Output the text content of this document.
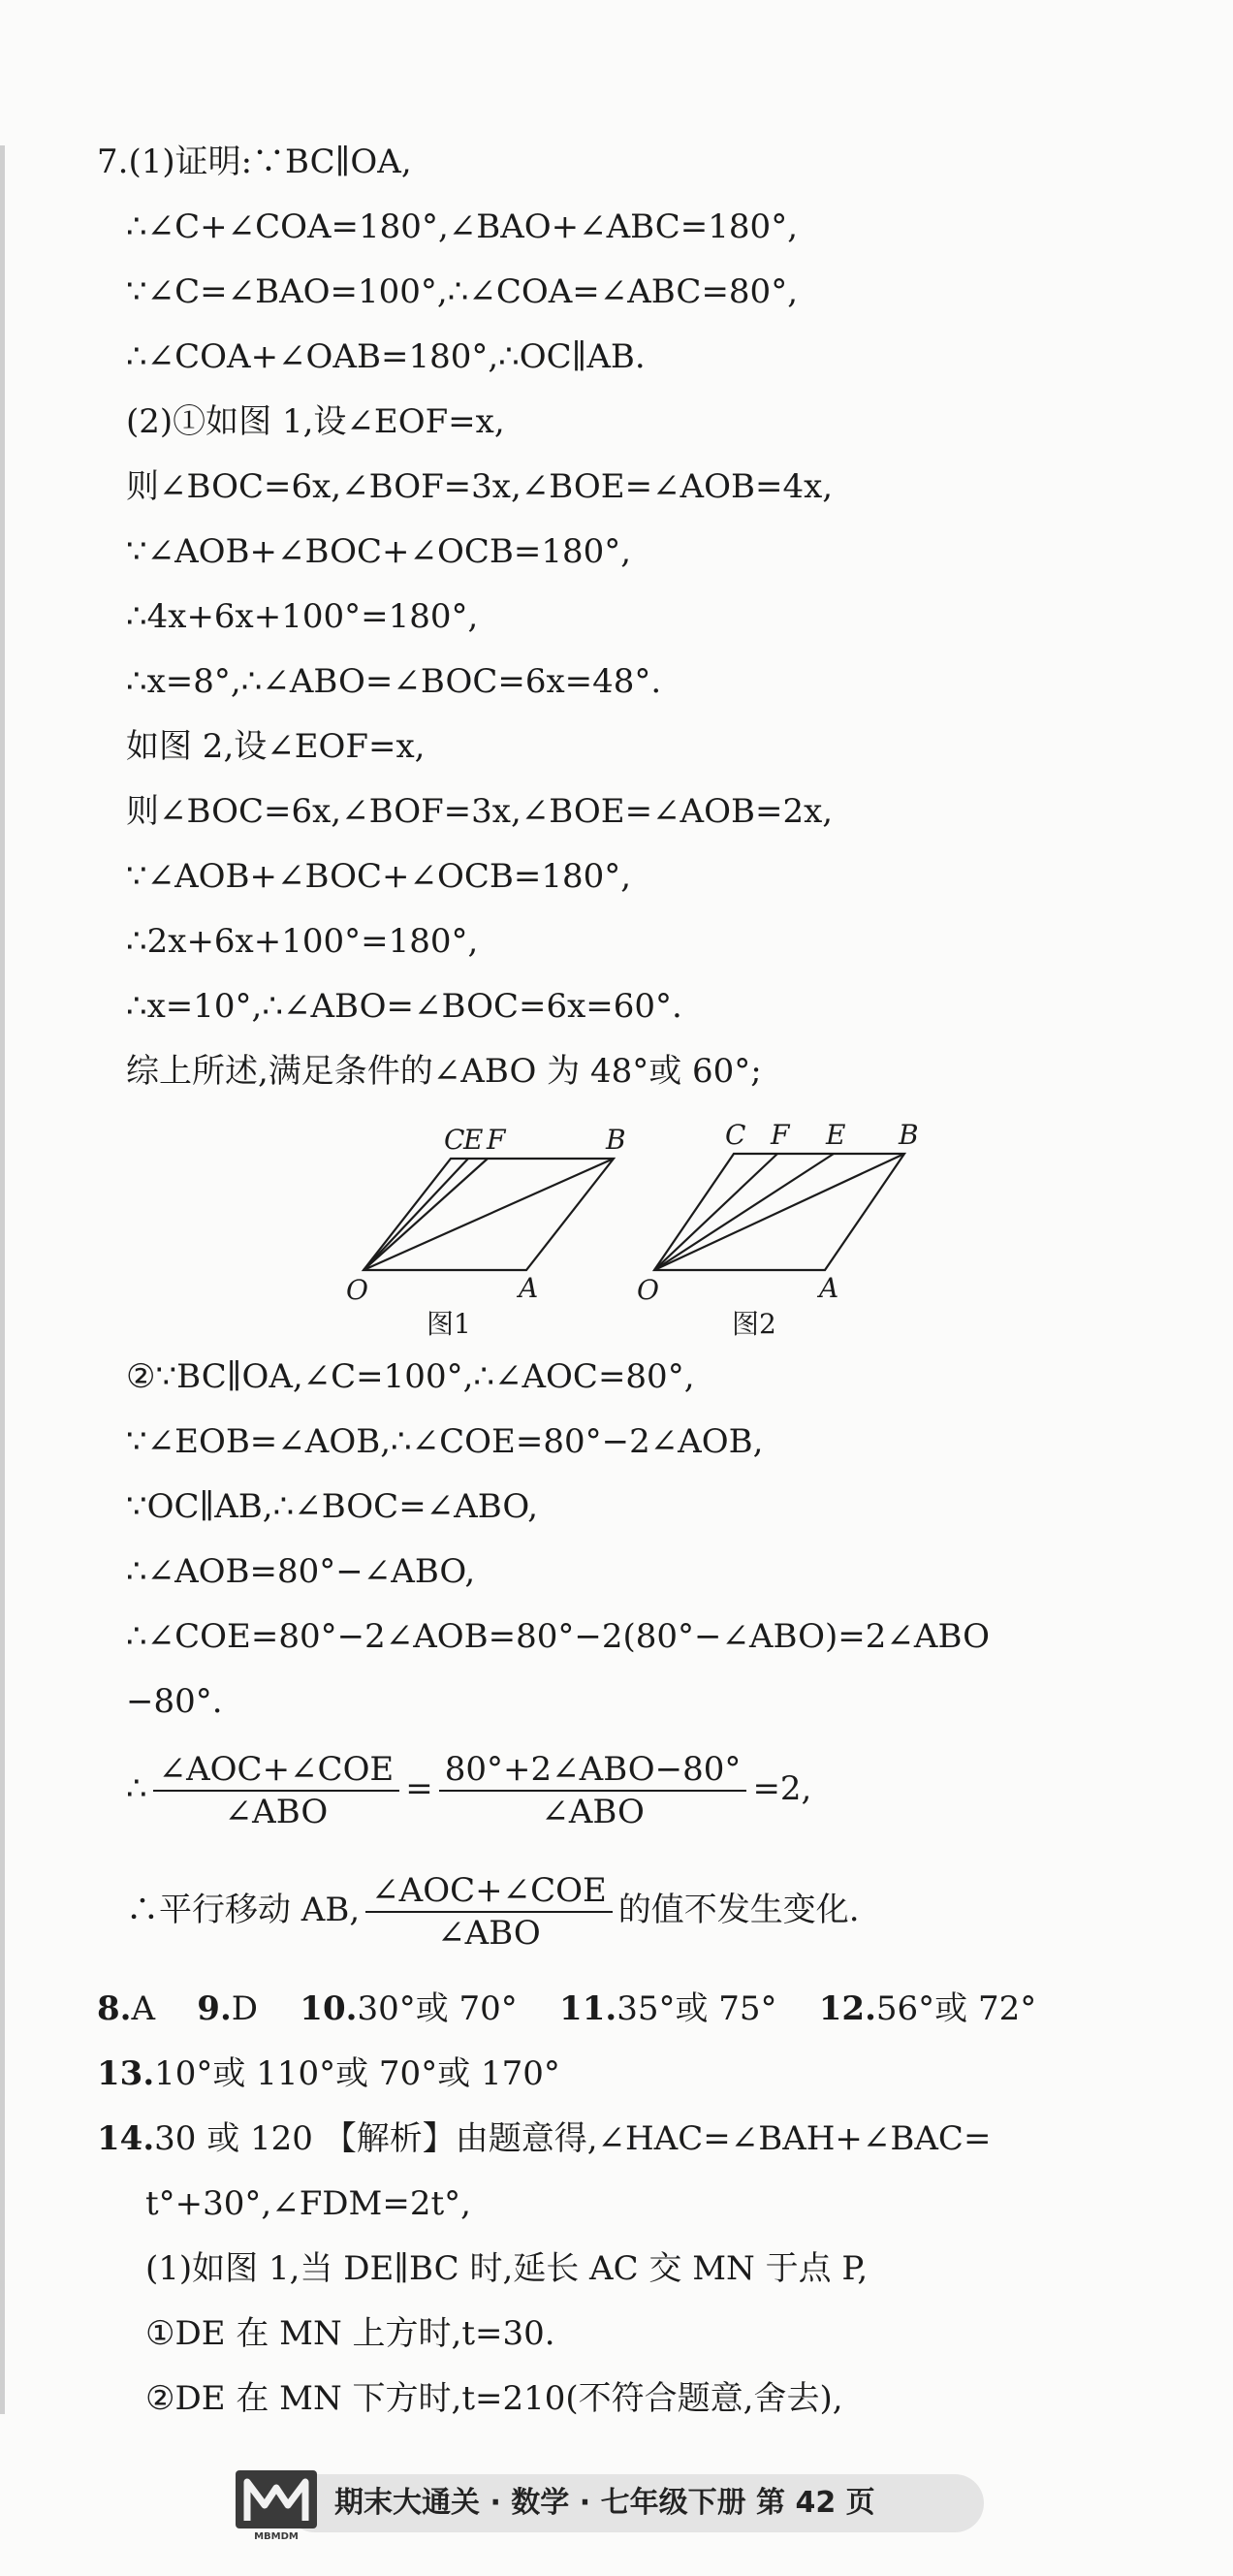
7.(1)证明:∵BC∥OA,
∴∠C+∠COA=180°,∠BAO+∠ABC=180°,
∵∠C=∠BAO=100°,∴∠COA=∠ABC=80°,
∴∠COA+∠OAB=180°,∴OC∥AB.
(2)①如图 1,设∠EOF=x,
则∠BOC=6x,∠BOF=3x,∠BOE=∠AOB=4x,
∵∠AOB+∠BOC+∠OCB=180°,
∴4x+6x+100°=180°,
∴x=8°,∴∠ABO=∠BOC=6x=48°.
如图 2,设∠EOF=x,
则∠BOC=6x,∠BOF=3x,∠BOE=∠AOB=2x,
∵∠AOB+∠BOC+∠OCB=180°,
∴2x+6x+100°=180°,
∴x=10°,∴∠ABO=∠BOC=6x=60°.
综上所述,满足条件的∠ABO 为 48°或 60°;
C
E F	B
O	A
图1
C F E B
O	A
图2
②∵BC∥OA,∠C=100°,∴∠AOC=80°,
∵∠EOB=∠AOB,∴∠COE=80°−2∠AOB,
∵OC∥AB,∴∠BOC=∠ABO,
∴∠AOB=80°−∠ABO,
∴∠COE=80°−2∠AOB=80°−2(80°−∠ABO)=2∠ABO
−80°.
∴ $\frac{\text{∠AOC+∠COE}}{\text{∠ABO}} = \frac{\text{80°+2∠ABO−80°}}{\text{∠ABO}} =2$,
∴平行移动 AB, $\frac{\text{∠AOC+∠COE}}{\text{∠ABO}}$ 的值不发生变化.
8.A 9.D 10.30°或 70° 11.35°或 75° 12.56°或 72°
13.10°或 110°或 70°或 170°
14.30 或 120 【解析】由题意得,∠HAC=∠BAH+∠BAC=
t°+30°,∠FDM=2t°,
(1)如图 1,当 DE∥BC 时,延长 AC 交 MN 于点 P,
①DE 在 MN 上方时,t=30.
②DE 在 MN 下方时,t=210(不符合题意,舍去),
MBMDM
期末大通关 · 数学 · 七年级下册 第 42 页
